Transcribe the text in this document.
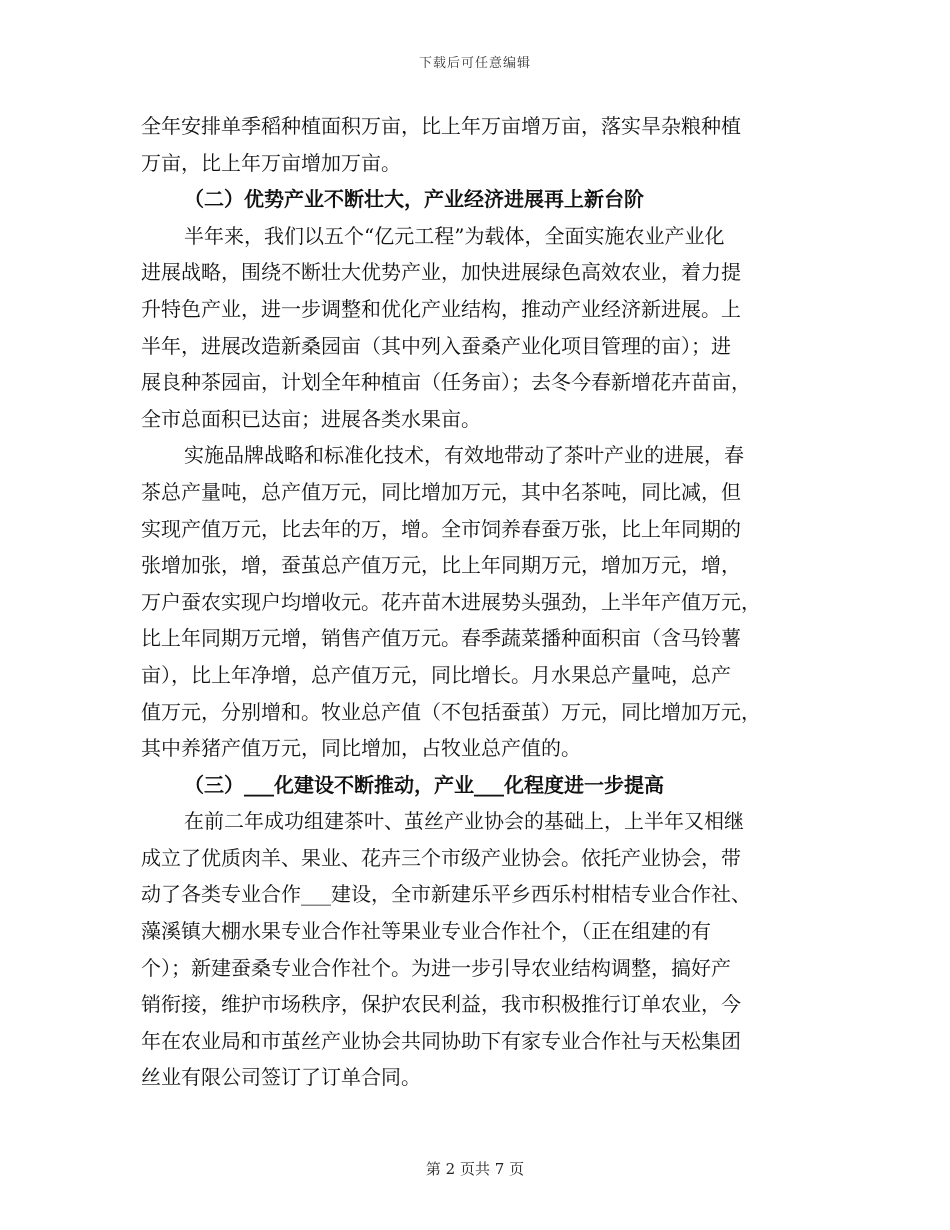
下载后可任意编辑
全年安排单季稻种植面积万亩，比上年万亩增万亩，落实旱杂粮种植
万亩，比上年万亩增加万亩。
（二）优势产业不断壮大，产业经济进展再上新台阶
半年来，我们以五个“亿元工程”为载体，全面实施农业产业化
进展战略，围绕不断壮大优势产业，加快进展绿色高效农业，着力提
升特色产业，进一步调整和优化产业结构，推动产业经济新进展。上
半年，进展改造新桑园亩（其中列入蚕桑产业化项目管理的亩）；进
展良种茶园亩，计划全年种植亩（任务亩）；去冬今春新增花卉苗亩，
全市总面积已达亩；进展各类水果亩。
实施品牌战略和标准化技术，有效地带动了茶叶产业的进展，春
茶总产量吨，总产值万元，同比增加万元，其中名茶吨，同比减，但
实现产值万元，比去年的万，增。全市饲养春蚕万张，比上年同期的
张增加张，增，蚕茧总产值万元，比上年同期万元，增加万元，增，
万户蚕农实现户均增收元。花卉苗木进展势头强劲，上半年产值万元，
比上年同期万元增，销售产值万元。春季蔬菜播种面积亩（含马铃薯
亩），比上年净增，总产值万元，同比增长。月水果总产量吨，总产
值万元，分别增和。牧业总产值（不包括蚕茧）万元，同比增加万元，
其中养猪产值万元，同比增加，占牧业总产值的。
（三）___化建设不断推动，产业___化程度进一步提高
在前二年成功组建茶叶、茧丝产业协会的基础上，上半年又相继
成立了优质肉羊、果业、花卉三个市级产业协会。依托产业协会，带
动了各类专业合作___建设，全市新建乐平乡西乐村柑桔专业合作社、
藻溪镇大棚水果专业合作社等果业专业合作社个，（正在组建的有
个）；新建蚕桑专业合作社个。为进一步引导农业结构调整，搞好产
销衔接，维护市场秩序，保护农民利益，我市积极推行订单农业，今
年在农业局和市茧丝产业协会共同协助下有家专业合作社与天松集团
丝业有限公司签订了订单合同。
第 2 页共 7 页
